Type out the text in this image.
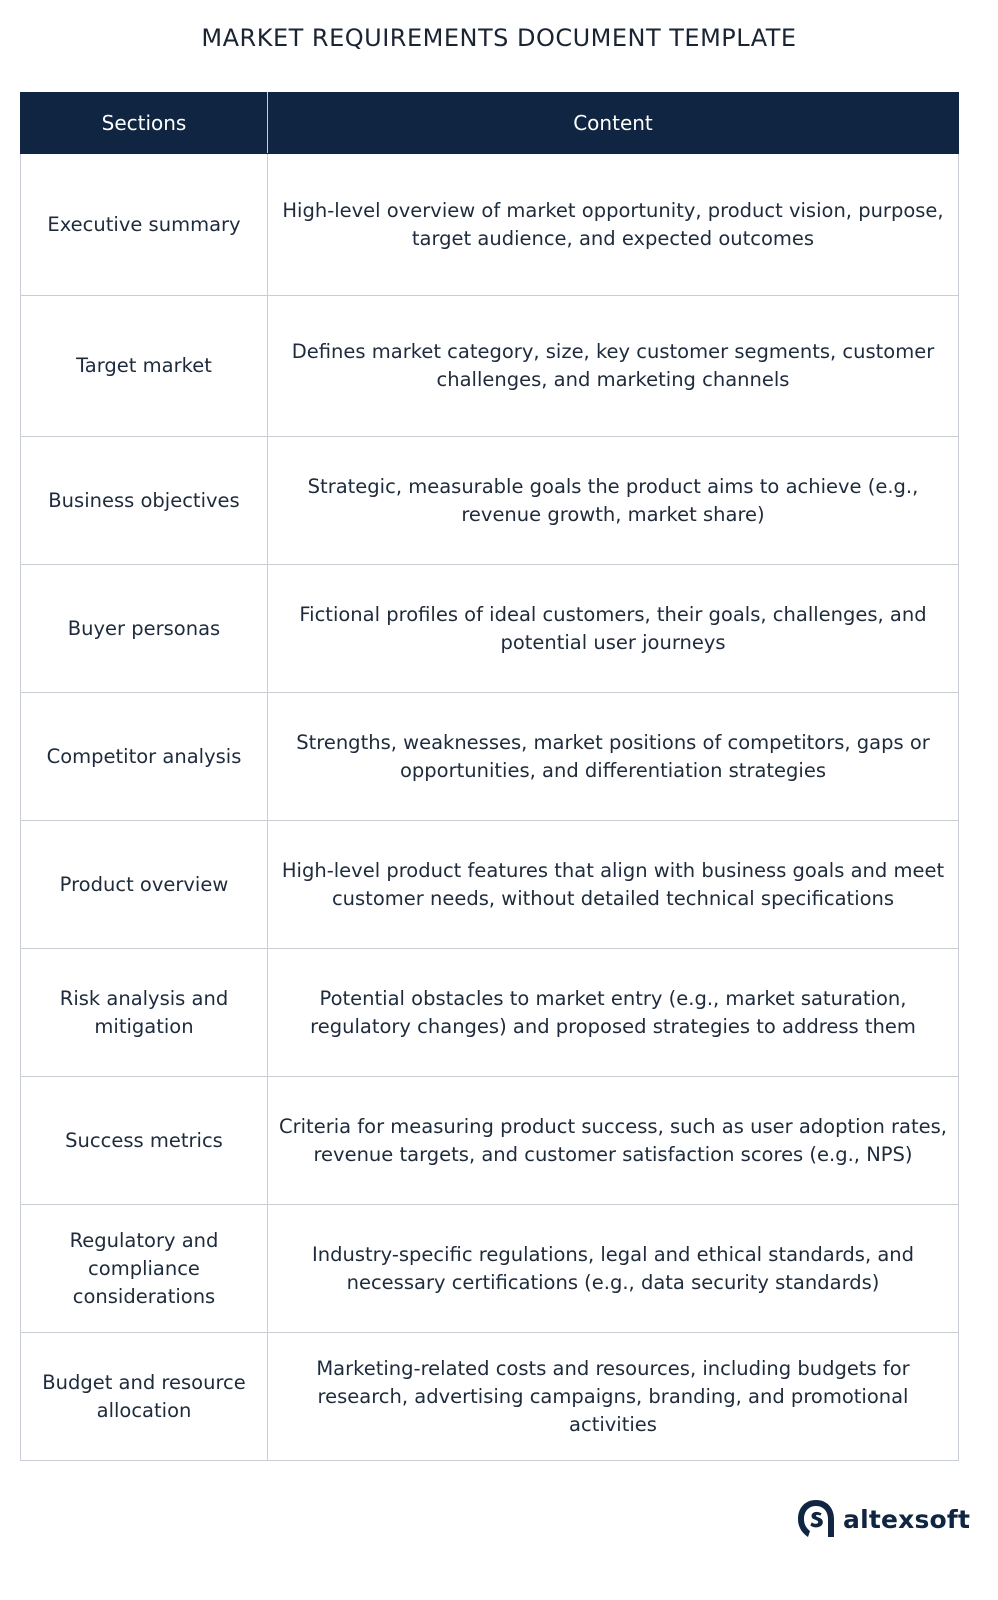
MARKET REQUIREMENTS DOCUMENT TEMPLATE
Sections	Content
Executive summary	High-level overview of market opportunity, product vision, purpose, target audience, and expected outcomes
Target market	Defines market category, size, key customer segments, customer challenges, and marketing channels
Business objectives	Strategic, measurable goals the product aims to achieve (e.g., revenue growth, market share)
Buyer personas	Fictional profiles of ideal customers, their goals, challenges, and potential user journeys
Competitor analysis	Strengths, weaknesses, market positions of competitors, gaps or opportunities, and differentiation strategies
Product overview	High-level product features that align with business goals and meet customer needs, without detailed technical specifications
Risk analysis and mitigation	Potential obstacles to market entry (e.g., market saturation, regulatory changes) and proposed strategies to address them
Success metrics	Criteria for measuring product success, such as user adoption rates, revenue targets, and customer satisfaction scores (e.g., NPS)
Regulatory and compliance considerations	Industry-specific regulations, legal and ethical standards, and necessary certifications (e.g., data security standards)
Budget and resource allocation	Marketing-related costs and resources, including budgets for research, advertising campaigns, branding, and promotional activities
altexsoft
